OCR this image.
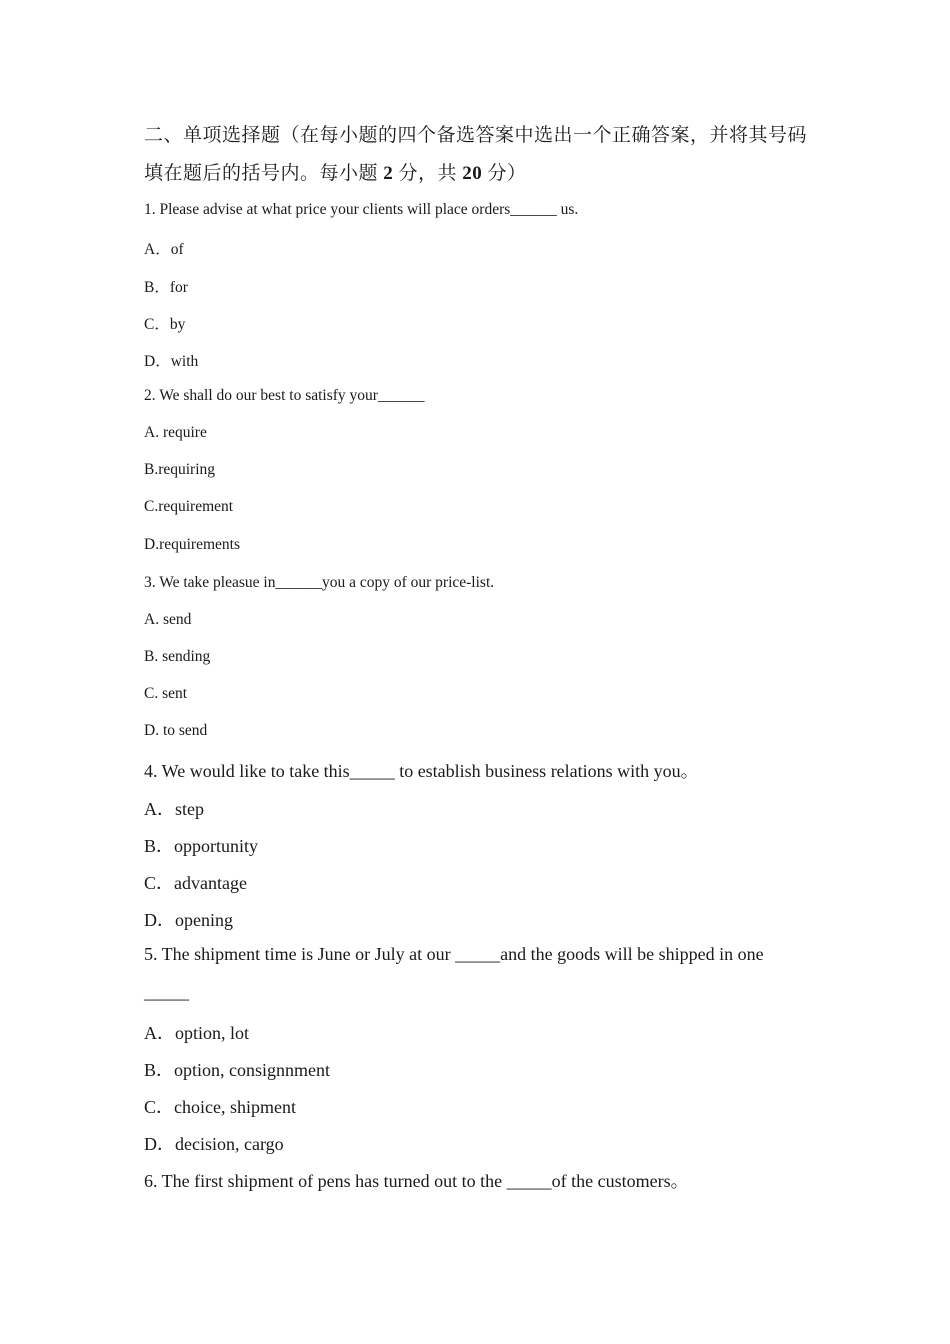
二、单项选择题（在每小题的四个备选答案中选出一个正确答案，并将其号码
填在题后的括号内。每小题 2 分，共 20 分）
1. Please advise at what price your clients will place orders______ us.
A．of
B．for
C．by
D．with
2. We shall do our best to satisfy your______
A. require
B.requiring
C.requirement
D.requirements
3. We take pleasue in______you a copy of our price-list.
A. send
B. sending
C. sent
D. to send
4. We would like to take this_____ to establish business relations with you。
A．step
B．opportunity
C．advantage
D．opening
5. The shipment time is June or July at our _____and the goods will be shipped in one
_____
A．option, lot
B．option, consignnment
C．choice, shipment
D．decision, cargo
6. The first shipment of pens has turned out to the _____of the customers。
